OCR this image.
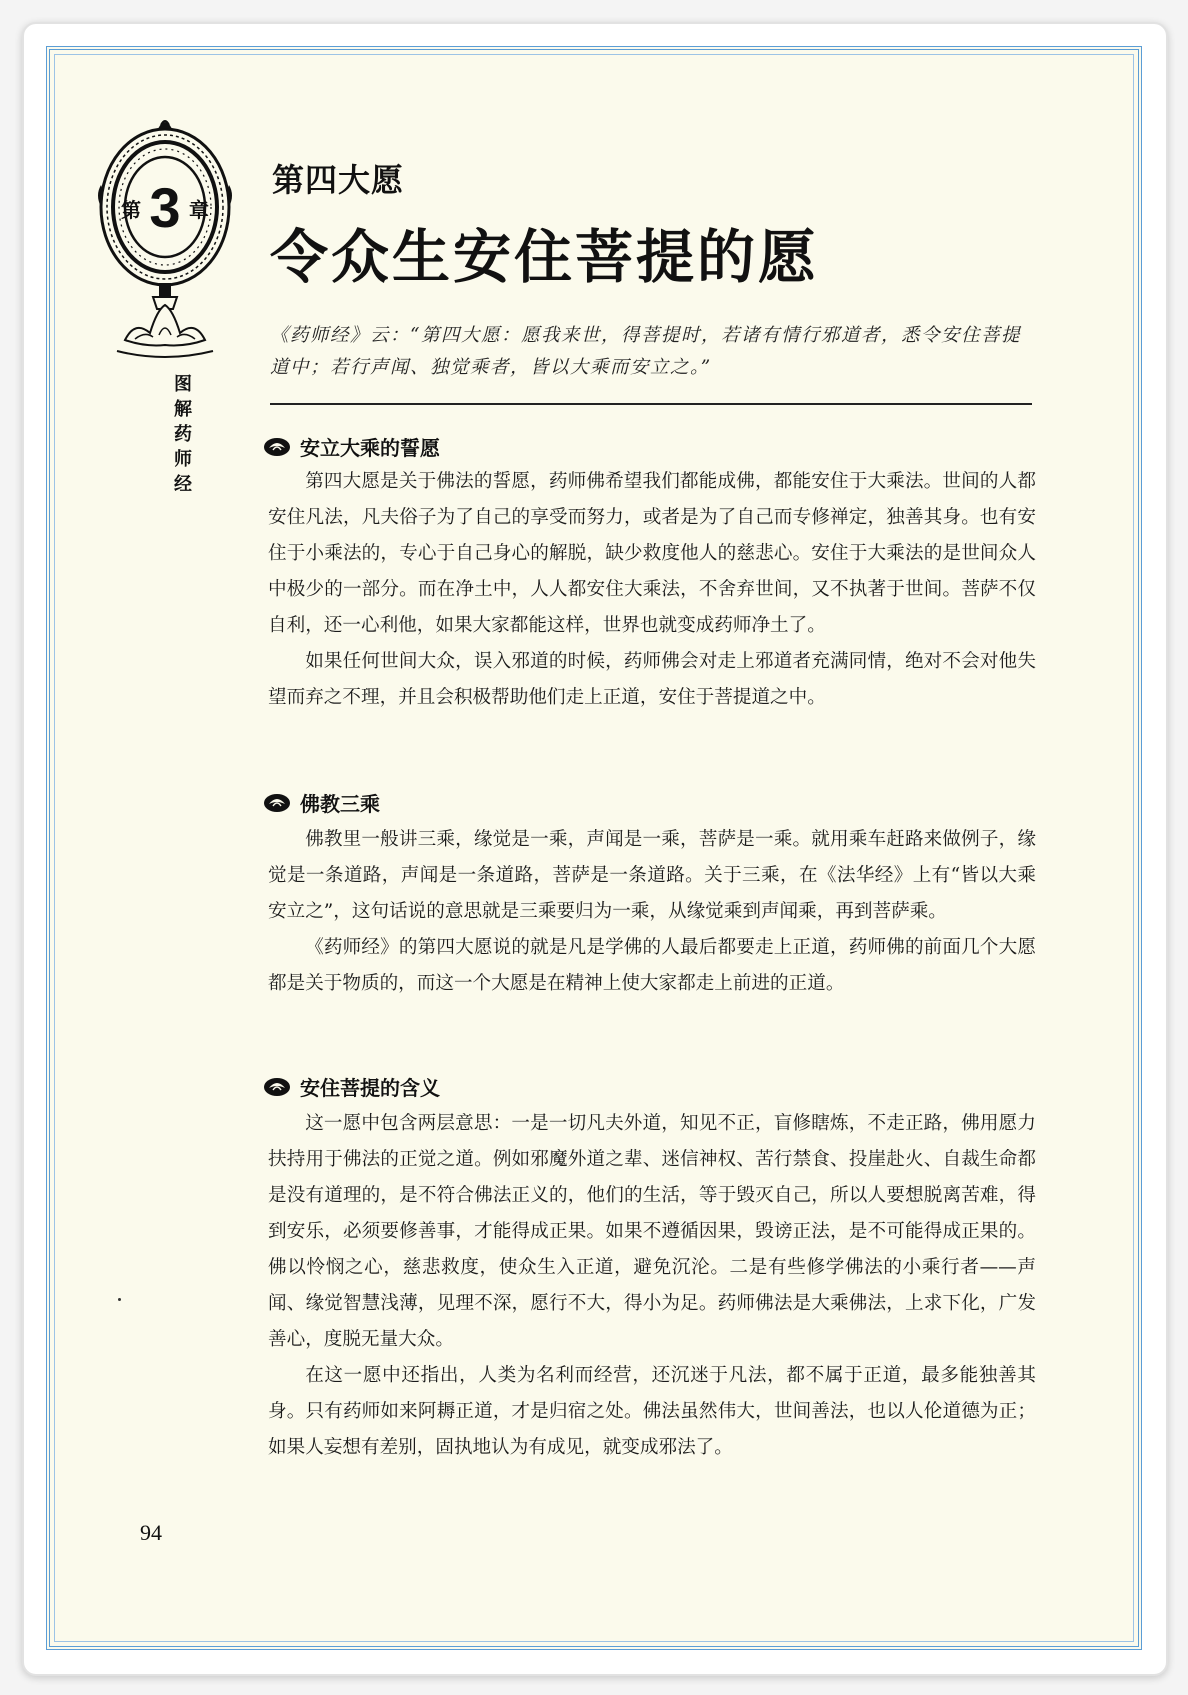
第 3 章
图
解
药
师
经
第四大愿
令众生安住菩提的愿
《药师经》云：“第四大愿：愿我来世，得菩提时，若诸有情行邪道者，悉令安住菩提道中；若行声闻、独觉乘者，皆以大乘而安立之。”
安立大乘的誓愿

第四大愿是关于佛法的誓愿，药师佛希望我们都能成佛，都能安住于大乘法。世间的人都安住凡法，凡夫俗子为了自己的享受而努力，或者是为了自己而专修禅定，独善其身。也有安住于小乘法的，专心于自己身心的解脱，缺少救度他人的慈悲心。安住于大乘法的是世间众人中极少的一部分。而在净土中，人人都安住大乘法，不舍弃世间，又不执著于世间。菩萨不仅自利，还一心利他，如果大家都能这样，世界也就变成药师净土了。

如果任何世间大众，误入邪道的时候，药师佛会对走上邪道者充满同情，绝对不会对他失望而弃之不理，并且会积极帮助他们走上正道，安住于菩提道之中。

佛教三乘

佛教里一般讲三乘，缘觉是一乘，声闻是一乘，菩萨是一乘。就用乘车赶路来做例子，缘觉是一条道路，声闻是一条道路，菩萨是一条道路。关于三乘，在《法华经》上有“皆以大乘安立之”，这句话说的意思就是三乘要归为一乘，从缘觉乘到声闻乘，再到菩萨乘。

《药师经》的第四大愿说的就是凡是学佛的人最后都要走上正道，药师佛的前面几个大愿都是关于物质的，而这一个大愿是在精神上使大家都走上前进的正道。

安住菩提的含义

这一愿中包含两层意思：一是一切凡夫外道，知见不正，盲修瞎炼，不走正路，佛用愿力扶持用于佛法的正觉之道。例如邪魔外道之辈、迷信神权、苦行禁食、投崖赴火、自裁生命都是没有道理的，是不符合佛法正义的，他们的生活，等于毁灭自己，所以人要想脱离苦难，得到安乐，必须要修善事，才能得成正果。如果不遵循因果，毁谤正法，是不可能得成正果的。佛以怜悯之心，慈悲救度，使众生入正道，避免沉沦。二是有些修学佛法的小乘行者——声闻、缘觉智慧浅薄，见理不深，愿行不大，得小为足。药师佛法是大乘佛法，上求下化，广发善心，度脱无量大众。

在这一愿中还指出，人类为名利而经营，还沉迷于凡法，都不属于正道，最多能独善其身。只有药师如来阿耨正道，才是归宿之处。佛法虽然伟大，世间善法，也以人伦道德为正；如果人妄想有差别，固执地认为有成见，就变成邪法了。

94
